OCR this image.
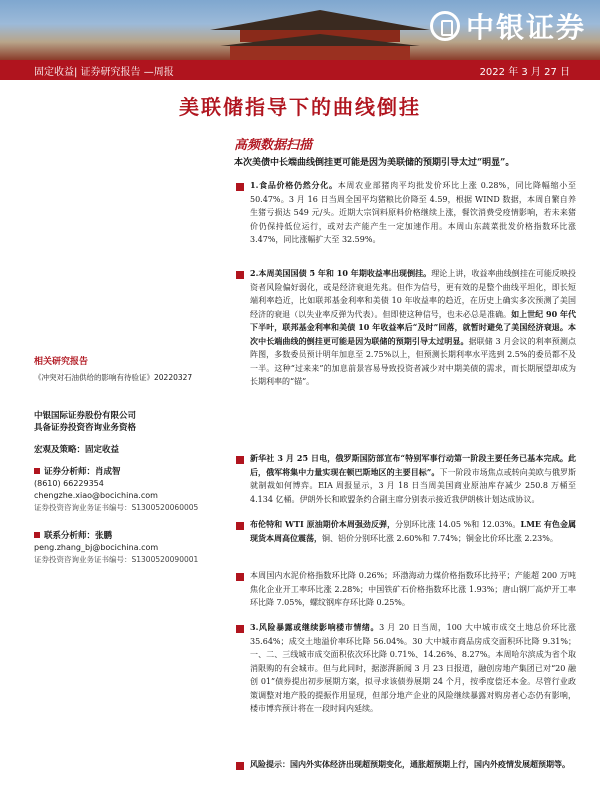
中银证券
固定收益| 证券研究报告 —周报	2022 年 3 月 27 日
美联储指导下的曲线倒挂
高频数据扫描
本次美债中长端曲线倒挂更可能是因为美联储的预期引导太过“明显”。

1.食品价格仍然分化。本周农业部猪肉平均批发价环比上涨 0.28%，同比降幅缩小至 50.47%。3 月 16 日当周全国平均猪粮比价降至 4.59，根据 WIND 数据，本周自繁自养生猪亏损达 549 元/头。近期大宗饲料原料价格继续上涨，餐饮消费受疫情影响，若未来猪价仍保持低位运行，或对去产能产生一定加速作用。本周山东蔬菜批发价格指数环比涨 3.47%，同比涨幅扩大至 32.59%。

2.本周美国国债 5 年和 10 年期收益率出现倒挂。理论上讲，收益率曲线倒挂在可能反映投资者风险偏好弱化，或是经济衰退先兆。但作为信号，更有效的是整个曲线平坦化，即长短端利率趋近，比如联邦基金利率和美债 10 年收益率的趋近，在历史上确实多次预测了美国经济的衰退（以失业率反弹为代表）。但即使这种信号，也未必总是准确。如上世纪 90 年代下半叶，联邦基金利率和美债 10 年收益率后“及时”回落，就暂时避免了美国经济衰退。本次中长端曲线的倒挂更可能是因为联储的预期引导太过明显。据联储 3 月会议的利率预测点阵图，多数委员预计明年加息至 2.75%以上，但预测长期利率水平选到 2.5%的委员都不及一半。这种“过来来”的加息前景容易导致投资者减少对中期美债的需求，而长期展望却成为长期利率的“锚”。

新华社 3 月 25 日电，俄罗斯国防部宣布“特别军事行动第一阶段主要任务已基本完成。此后，俄军将集中力量实现在顿巴斯地区的主要目标”。下一阶段市场焦点或转向美欧与俄罗斯就制裁如何博弈。EIA 周报显示，3 月 18 日当周美国商业原油库存减少 250.8 万桶至 4.134 亿桶。伊朗外长和欧盟条约合副主席分别表示接近我伊朗核计划达成协议。

布伦特和 WTI 原油期价本周强劲反弹，分别环比涨 14.05 %和 12.03%。LME 有色金属现货本周高位震荡，铜、铝价分别环比涨 2.60%和 7.74%；铜金比价环比涨 2.23%。

本周国内水泥价格指数环比降 0.26%；环渤海动力煤价格指数环比持平；产能超 200 万吨焦化企业开工率环比涨 2.28%；中国铁矿石价格指数环比涨 1.93%；唐山钢厂高炉开工率环比降 7.05%，螺纹钢库存环比降 0.25%。

3.风险暴露或继续影响楼市情绪。3 月 20 日当周，100 大中城市成交土地总价环比涨 35.64%；成交土地溢价率环比降 56.04%。30 大中城市商品房成交面积环比降 9.31%；一、二、三线城市成交面积依次环比降 0.71%、14.26%、8.27%。本周哈尔滨成为省个取消限购的有会城市。但与此同时，据澎湃新闻 3 月 23 日报道，融创房地产集团已对“20 融创 01”债券提出初步展期方案，拟寻求该债券展期 24 个月，按季度偿还本金。尽管行业政策调整对地产股的提振作用显现，但部分地产企业的风险继续暴露对购房者心态仍有影响，楼市博弈预计将在一段时间内延续。

风险提示：国内外实体经济出现超预期变化，通胀超预期上行，国内外疫情发展超预期等。

相关研究报告
《冲突对石油供给的影响有待验证》20220327
中银国际证券股份有限公司
具备证券投资咨询业务资格
宏观及策略：固定收益
证券分析师：肖成智
(8610) 66229354
chengzhe.xiao@bocichina.com
证券投资咨询业务证书编号：S1300520060005
联系分析师：张鹏
peng.zhang_bj@bocichina.com
证券投资咨询业务证书编号：S1300520090001
